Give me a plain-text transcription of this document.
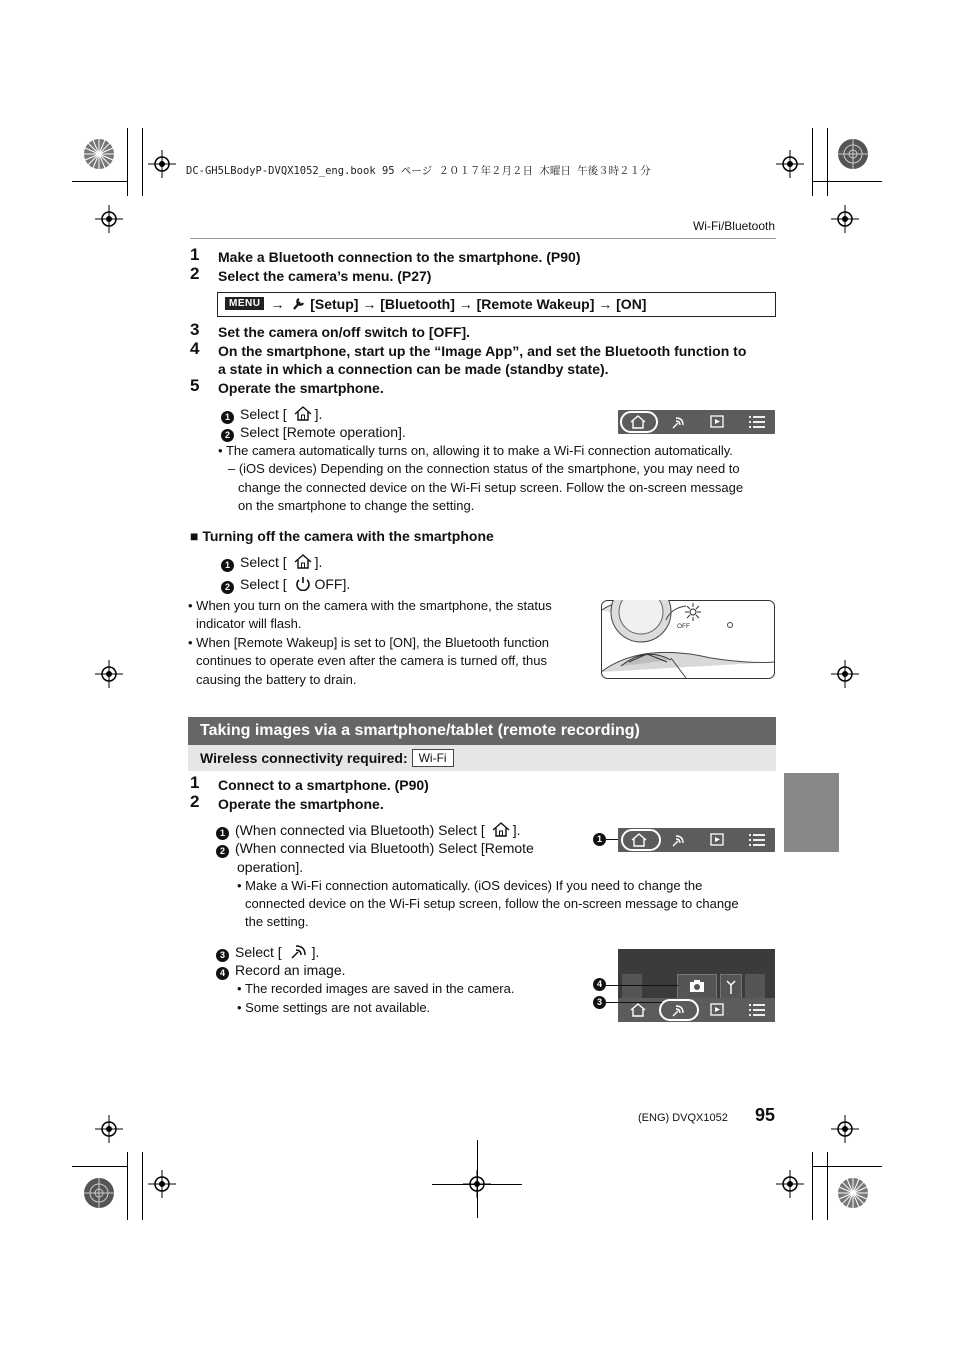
DC-GH5LBodyP-DVQX1052_eng.book 95 ページ ２０１７年２月２日 木曜日 午後３時２１分
Wi-Fi/Bluetooth
1 Make a Bluetooth connection to the smartphone. (P90)
2 Select the camera’s menu. (P27)
MENU → [Setup] → [Bluetooth] → [Remote Wakeup] → [ON]
3 Set the camera on/off switch to [OFF].
4 On the smartphone, start up the “Image App”, and set the Bluetooth function to
a state in which a connection can be made (standby state).
5 Operate the smartphone.
1 Select [ ].
2 Select [Remote operation].
• The camera automatically turns on, allowing it to make a Wi-Fi connection automatically.
– (iOS devices) Depending on the connection status of the smartphone, you may need to
change the connected device on the Wi-Fi setup screen. Follow the on-screen message
on the smartphone to change the setting.
■ Turning off the camera with the smartphone
1 Select [ ].
2 Select [  OFF].
• When you turn on the camera with the smartphone, the status
indicator will flash.
• When [Remote Wakeup] is set to [ON], the Bluetooth function
continues to operate even after the camera is turned off, thus
causing the battery to drain.
OFF
Taking images via a smartphone/tablet (remote recording)
Wireless connectivity required: Wi-Fi
1 Connect to a smartphone. (P90)
2 Operate the smartphone.
1 (When connected via Bluetooth) Select [ ].
2 (When connected via Bluetooth) Select [Remote
operation].
1
• Make a Wi-Fi connection automatically. (iOS devices) If you need to change the
connected device on the Wi-Fi setup screen, follow the on-screen message to change
the setting.
3 Select [ ].
4 Record an image.
• The recorded images are saved in the camera.
• Some settings are not available.
4
3
(ENG) DVQX1052 95
